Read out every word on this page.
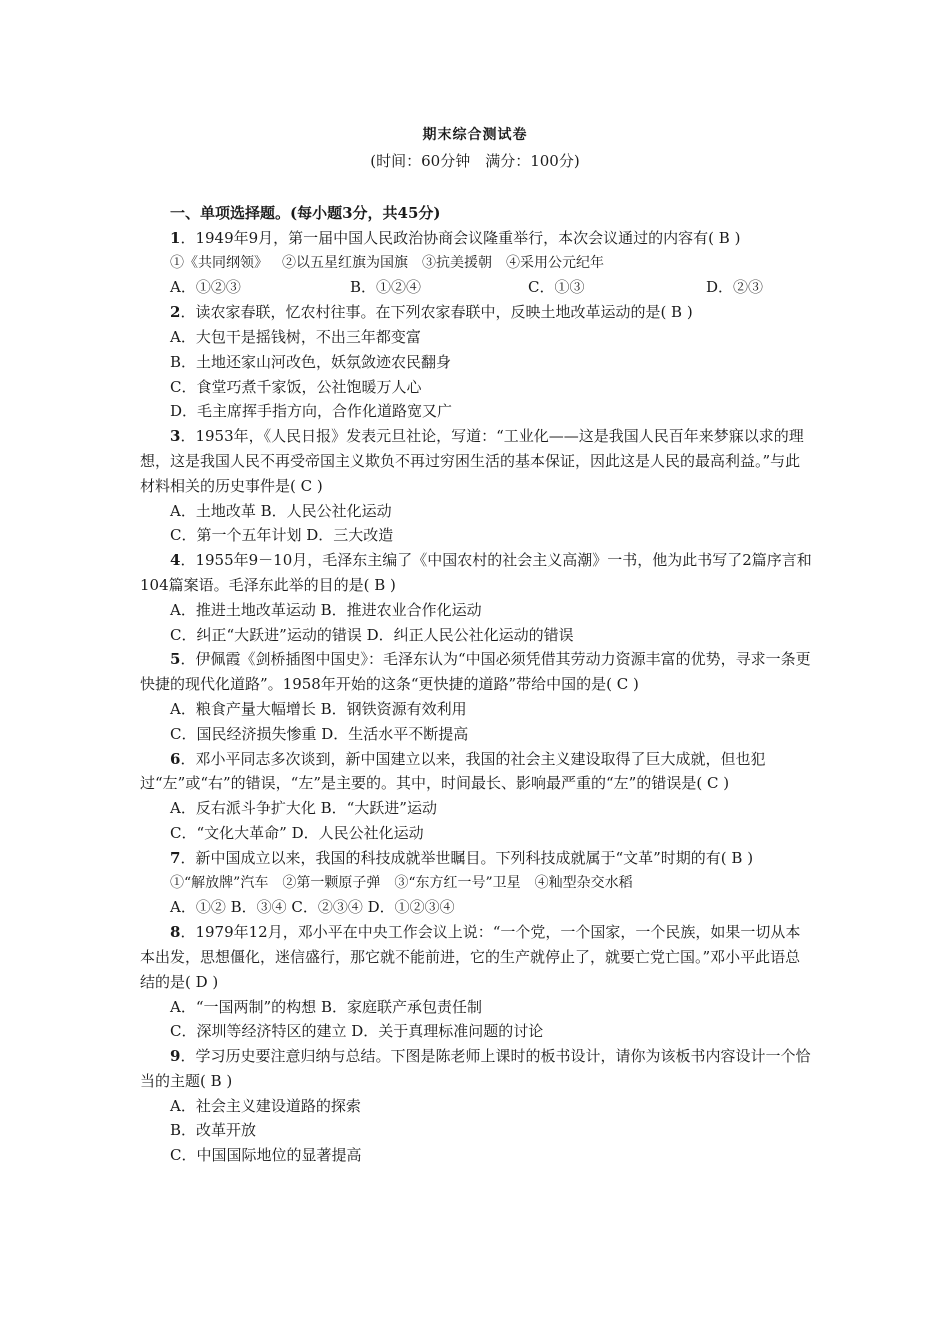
期末综合测试卷
(时间：60分钟　满分：100分)

一、单项选择题。(每小题3分，共45分)

1．1949年9月，第一届中国人民政治协商会议隆重举行，本次会议通过的内容有( B )

①《共同纲领》 ②以五星红旗为国旗 ③抗美援朝 ④采用公元纪年

A．①②③	B．①②④	C．①③	D．②③

2．读农家春联，忆农村往事。在下列农家春联中，反映土地改革运动的是( B )

A．大包干是摇钱树，不出三年都变富

B．土地还家山河改色，妖氛敛迹农民翻身

C．食堂巧煮千家饭，公社饱暖万人心

D．毛主席挥手指方向，合作化道路宽又广

3．1953年，《人民日报》发表元旦社论，写道：“工业化——这是我国人民百年来梦寐以求的理想，这是我国人民不再受帝国主义欺负不再过穷困生活的基本保证，因此这是人民的最高利益。”与此材料相关的历史事件是( C )

A．土地改革 B．人民公社化运动

C．第一个五年计划 D．三大改造

4．1955年9－10月，毛泽东主编了《中国农村的社会主义高潮》一书，他为此书写了2篇序言和104篇案语。毛泽东此举的目的是( B )

A．推进土地改革运动 B．推进农业合作化运动

C．纠正“大跃进”运动的错误 D．纠正人民公社化运动的错误

5．伊佩霞《剑桥插图中国史》：毛泽东认为“中国必须凭借其劳动力资源丰富的优势，寻求一条更快捷的现代化道路”。1958年开始的这条“更快捷的道路”带给中国的是( C )

A．粮食产量大幅增长 B．钢铁资源有效利用

C．国民经济损失惨重 D．生活水平不断提高

6．邓小平同志多次谈到，新中国建立以来，我国的社会主义建设取得了巨大成就，但也犯过“左”或“右”的错误，“左”是主要的。其中，时间最长、影响最严重的“左”的错误是( C )

A．反右派斗争扩大化 B．“大跃进”运动

C．“文化大革命” D．人民公社化运动

7．新中国成立以来，我国的科技成就举世瞩目。下列科技成就属于“文革”时期的有( B )

①“解放牌”汽车 ②第一颗原子弹 ③“东方红一号”卫星 ④籼型杂交水稻

A．①② B．③④ C．②③④ D．①②③④

8．1979年12月，邓小平在中央工作会议上说：“一个党，一个国家，一个民族，如果一切从本本出发，思想僵化，迷信盛行，那它就不能前进，它的生产就停止了，就要亡党亡国。”邓小平此语总结的是( D )

A．“一国两制”的构想 B．家庭联产承包责任制

C．深圳等经济特区的建立 D．关于真理标准问题的讨论

9．学习历史要注意归纳与总结。下图是陈老师上课时的板书设计，请你为该板书内容设计一个恰当的主题( B )

A．社会主义建设道路的探索

B．改革开放

C．中国国际地位的显著提高
